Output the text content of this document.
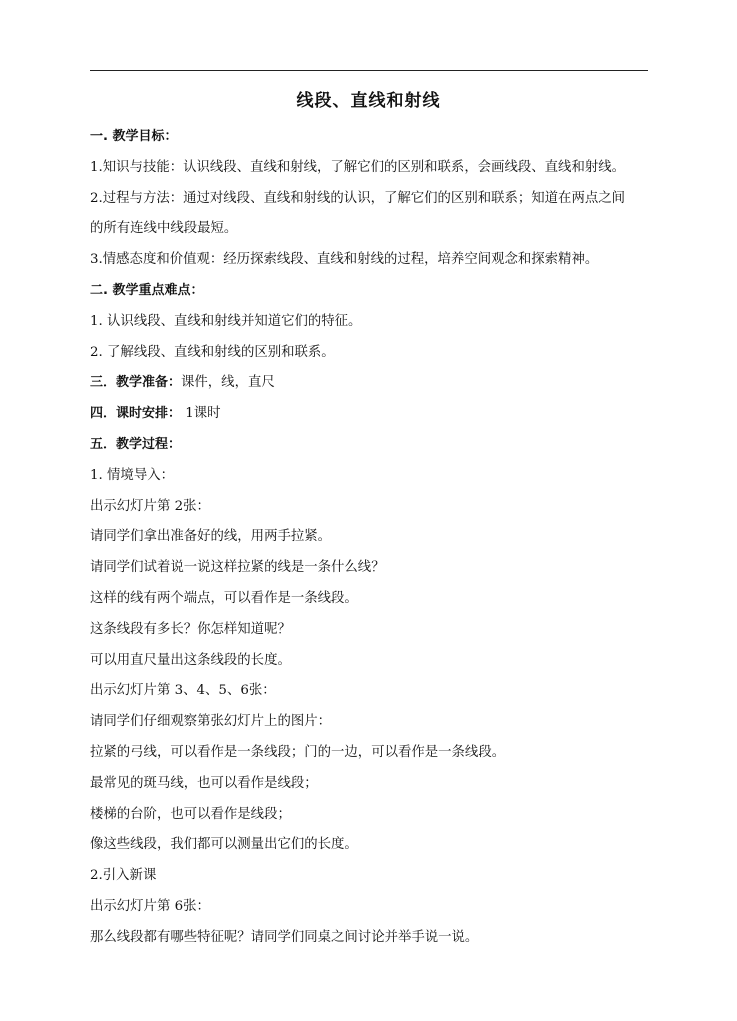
线段、直线和射线
一. 教学目标：
1.知识与技能：认识线段、直线和射线，了解它们的区别和联系，会画线段、直线和射线。
2.过程与方法：通过对线段、直线和射线的认识，了解它们的区别和联系；知道在两点之间
的所有连线中线段最短。
3.情感态度和价值观：经历探索线段、直线和射线的过程，培养空间观念和探索精神。
二. 教学重点难点：
1. 认识线段、直线和射线并知道它们的特征。
2. 了解线段、直线和射线的区别和联系。
三．教学准备：课件，线，直尺
四．课时安排： 1课时
五．教学过程：
1. 情境导入：
出示幻灯片第 2张：
请同学们拿出准备好的线，用两手拉紧。
请同学们试着说一说这样拉紧的线是一条什么线？
这样的线有两个端点，可以看作是一条线段。
这条线段有多长？你怎样知道呢？
可以用直尺量出这条线段的长度。
出示幻灯片第 3、4、5、6张：
请同学们仔细观察第张幻灯片上的图片：
拉紧的弓线，可以看作是一条线段；门的一边，可以看作是一条线段。
最常见的斑马线，也可以看作是线段；
楼梯的台阶，也可以看作是线段；
像这些线段，我们都可以测量出它们的长度。
2.引入新课
出示幻灯片第 6张：
那么线段都有哪些特征呢？请同学们同桌之间讨论并举手说一说。
